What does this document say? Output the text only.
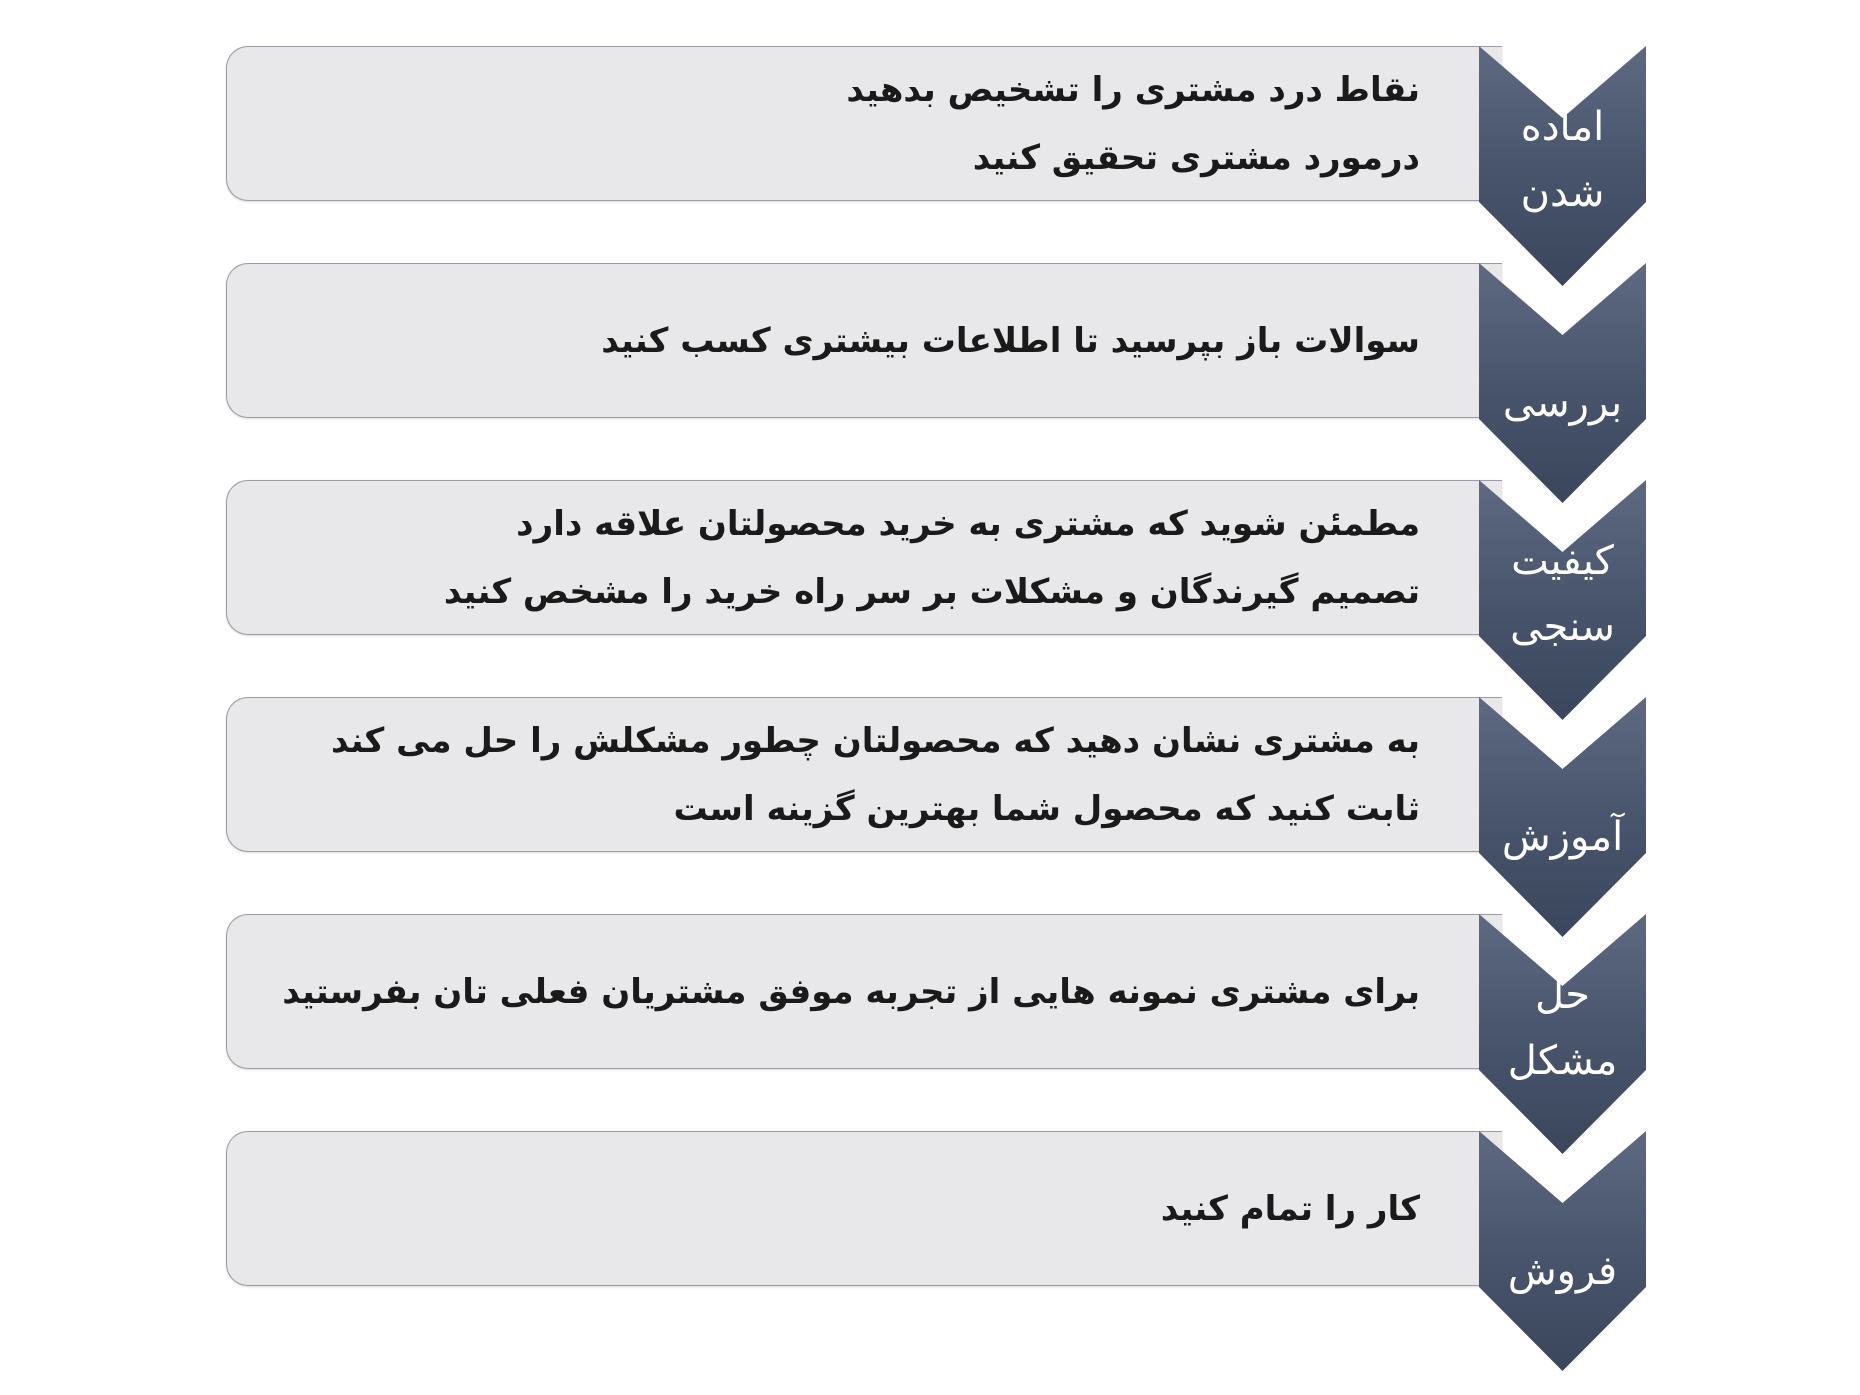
نقاط درد مشتری را تشخیص بدهید
درمورد مشتری تحقیق کنید
اماده
شدن
سوالات باز بپرسید تا اطلاعات بیشتری کسب کنید
بررسی
مطمئن شوید که مشتری به خرید محصولتان علاقه دارد
تصمیم گیرندگان و مشکلات بر سر راه خرید را مشخص کنید
کیفیت
سنجی
به مشتری نشان دهید که محصولتان چطور مشکلش را حل می کند
ثابت کنید که محصول شما بهترین گزینه است
آموزش
برای مشتری نمونه هایی از تجربه موفق مشتریان فعلی تان بفرستید	حل
مشکل
کار را تمام کنید
فروش
